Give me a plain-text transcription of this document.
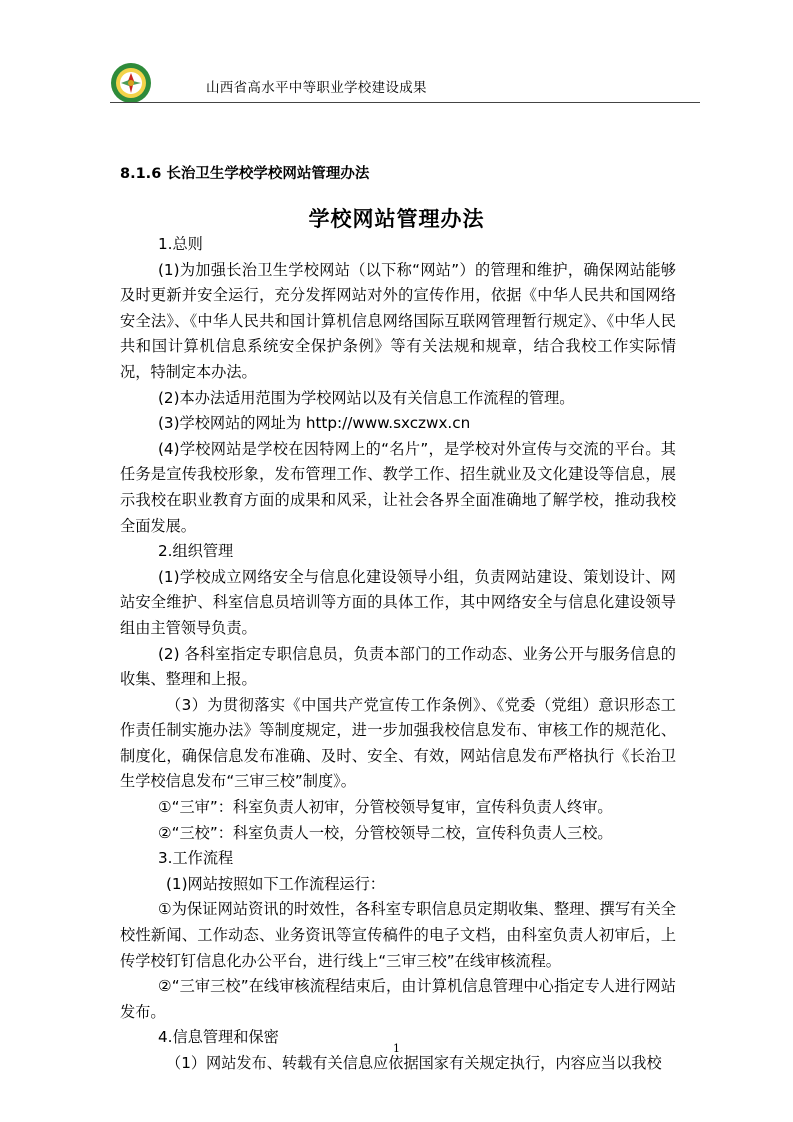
山西省高水平中等职业学校建设成果
8.1.6 长治卫生学校学校网站管理办法
学校网站管理办法

1.总则

(1)为加强长治卫生学校网站（以下称“网站”）的管理和维护，确保网站能够及时更新并安全运行，充分发挥网站对外的宣传作用，依据《中华人民共和国网络安全法》、《中华人民共和国计算机信息网络国际互联网管理暂行规定》、《中华人民共和国计算机信息系统安全保护条例》等有关法规和规章，结合我校工作实际情况，特制定本办法。

(2)本办法适用范围为学校网站以及有关信息工作流程的管理。

(3)学校网站的网址为 http://www.sxczwx.cn

(4)学校网站是学校在因特网上的“名片”，是学校对外宣传与交流的平台。其任务是宣传我校形象，发布管理工作、教学工作、招生就业及文化建设等信息，展示我校在职业教育方面的成果和风采，让社会各界全面准确地了解学校，推动我校全面发展。

2.组织管理

(1)学校成立网络安全与信息化建设领导小组，负责网站建设、策划设计、网站安全维护、科室信息员培训等方面的具体工作，其中网络安全与信息化建设领导组由主管领导负责。

(2) 各科室指定专职信息员，负责本部门的工作动态、业务公开与服务信息的收集、整理和上报。

（3）为贯彻落实《中国共产党宣传工作条例》、《党委（党组）意识形态工作责任制实施办法》等制度规定，进一步加强我校信息发布、审核工作的规范化、制度化，确保信息发布准确、及时、安全、有效，网站信息发布严格执行《长治卫生学校信息发布“三审三校”制度》。

①“三审”：科室负责人初审，分管校领导复审，宣传科负责人终审。

②“三校”：科室负责人一校，分管校领导二校，宣传科负责人三校。

3.工作流程

(1)网站按照如下工作流程运行：

①为保证网站资讯的时效性，各科室专职信息员定期收集、整理、撰写有关全校性新闻、工作动态、业务资讯等宣传稿件的电子文档，由科室负责人初审后，上传学校钉钉信息化办公平台，进行线上“三审三校”在线审核流程。

②“三审三校”在线审核流程结束后，由计算机信息管理中心指定专人进行网站发布。

4.信息管理和保密

（1）网站发布、转载有关信息应依据国家有关规定执行，内容应当以我校

1
